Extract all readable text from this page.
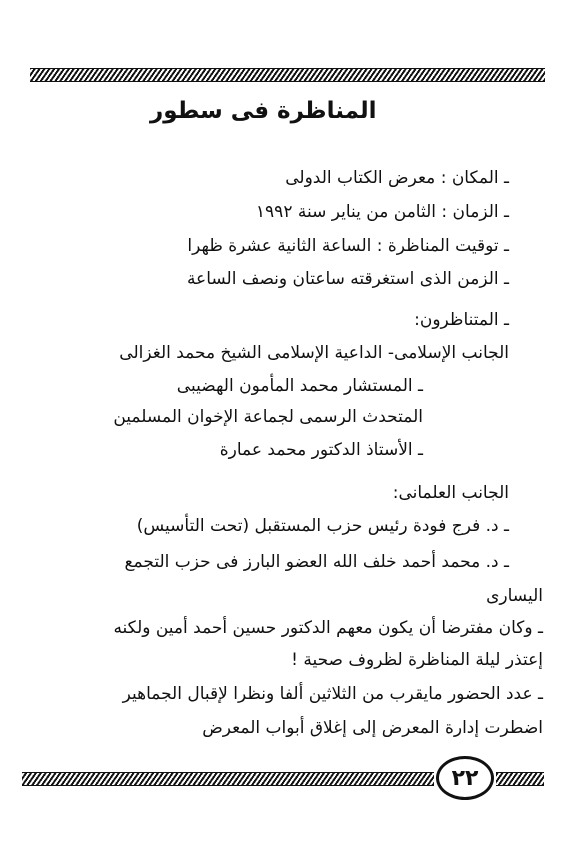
المناظرة فى سطور
ـ المكان : معرض الكتاب الدولى
ـ الزمان : الثامن من يناير سنة ١٩٩٢
ـ توقيت المناظرة : الساعة الثانية عشرة ظهرا
ـ الزمن الذى استغرقته ساعتان ونصف الساعة
ـ المتناظرون:
الجانب الإسلامى- الداعية الإسلامى الشيخ محمد الغزالى
ـ المستشار محمد المأمون الهضيبى
المتحدث الرسمى لجماعة الإخوان المسلمين
ـ الأستاذ الدكتور محمد عمارة
الجانب العلمانى:
ـ د. فرج فودة رئيس حزب المستقبل (تحت التأسيس)
ـ د. محمد أحمد خلف الله العضو البارز فى حزب التجمع
اليسارى
ـ وكان مفترضا أن يكون معهم الدكتور حسين أحمد أمين ولكنه
إعتذر ليلة المناظرة لظروف صحية !
ـ عدد الحضور مايقرب من الثلاثين ألفا ونظرا لإقبال الجماهير
اضطرت إدارة المعرض إلى إغلاق أبواب المعرض
٢٢
